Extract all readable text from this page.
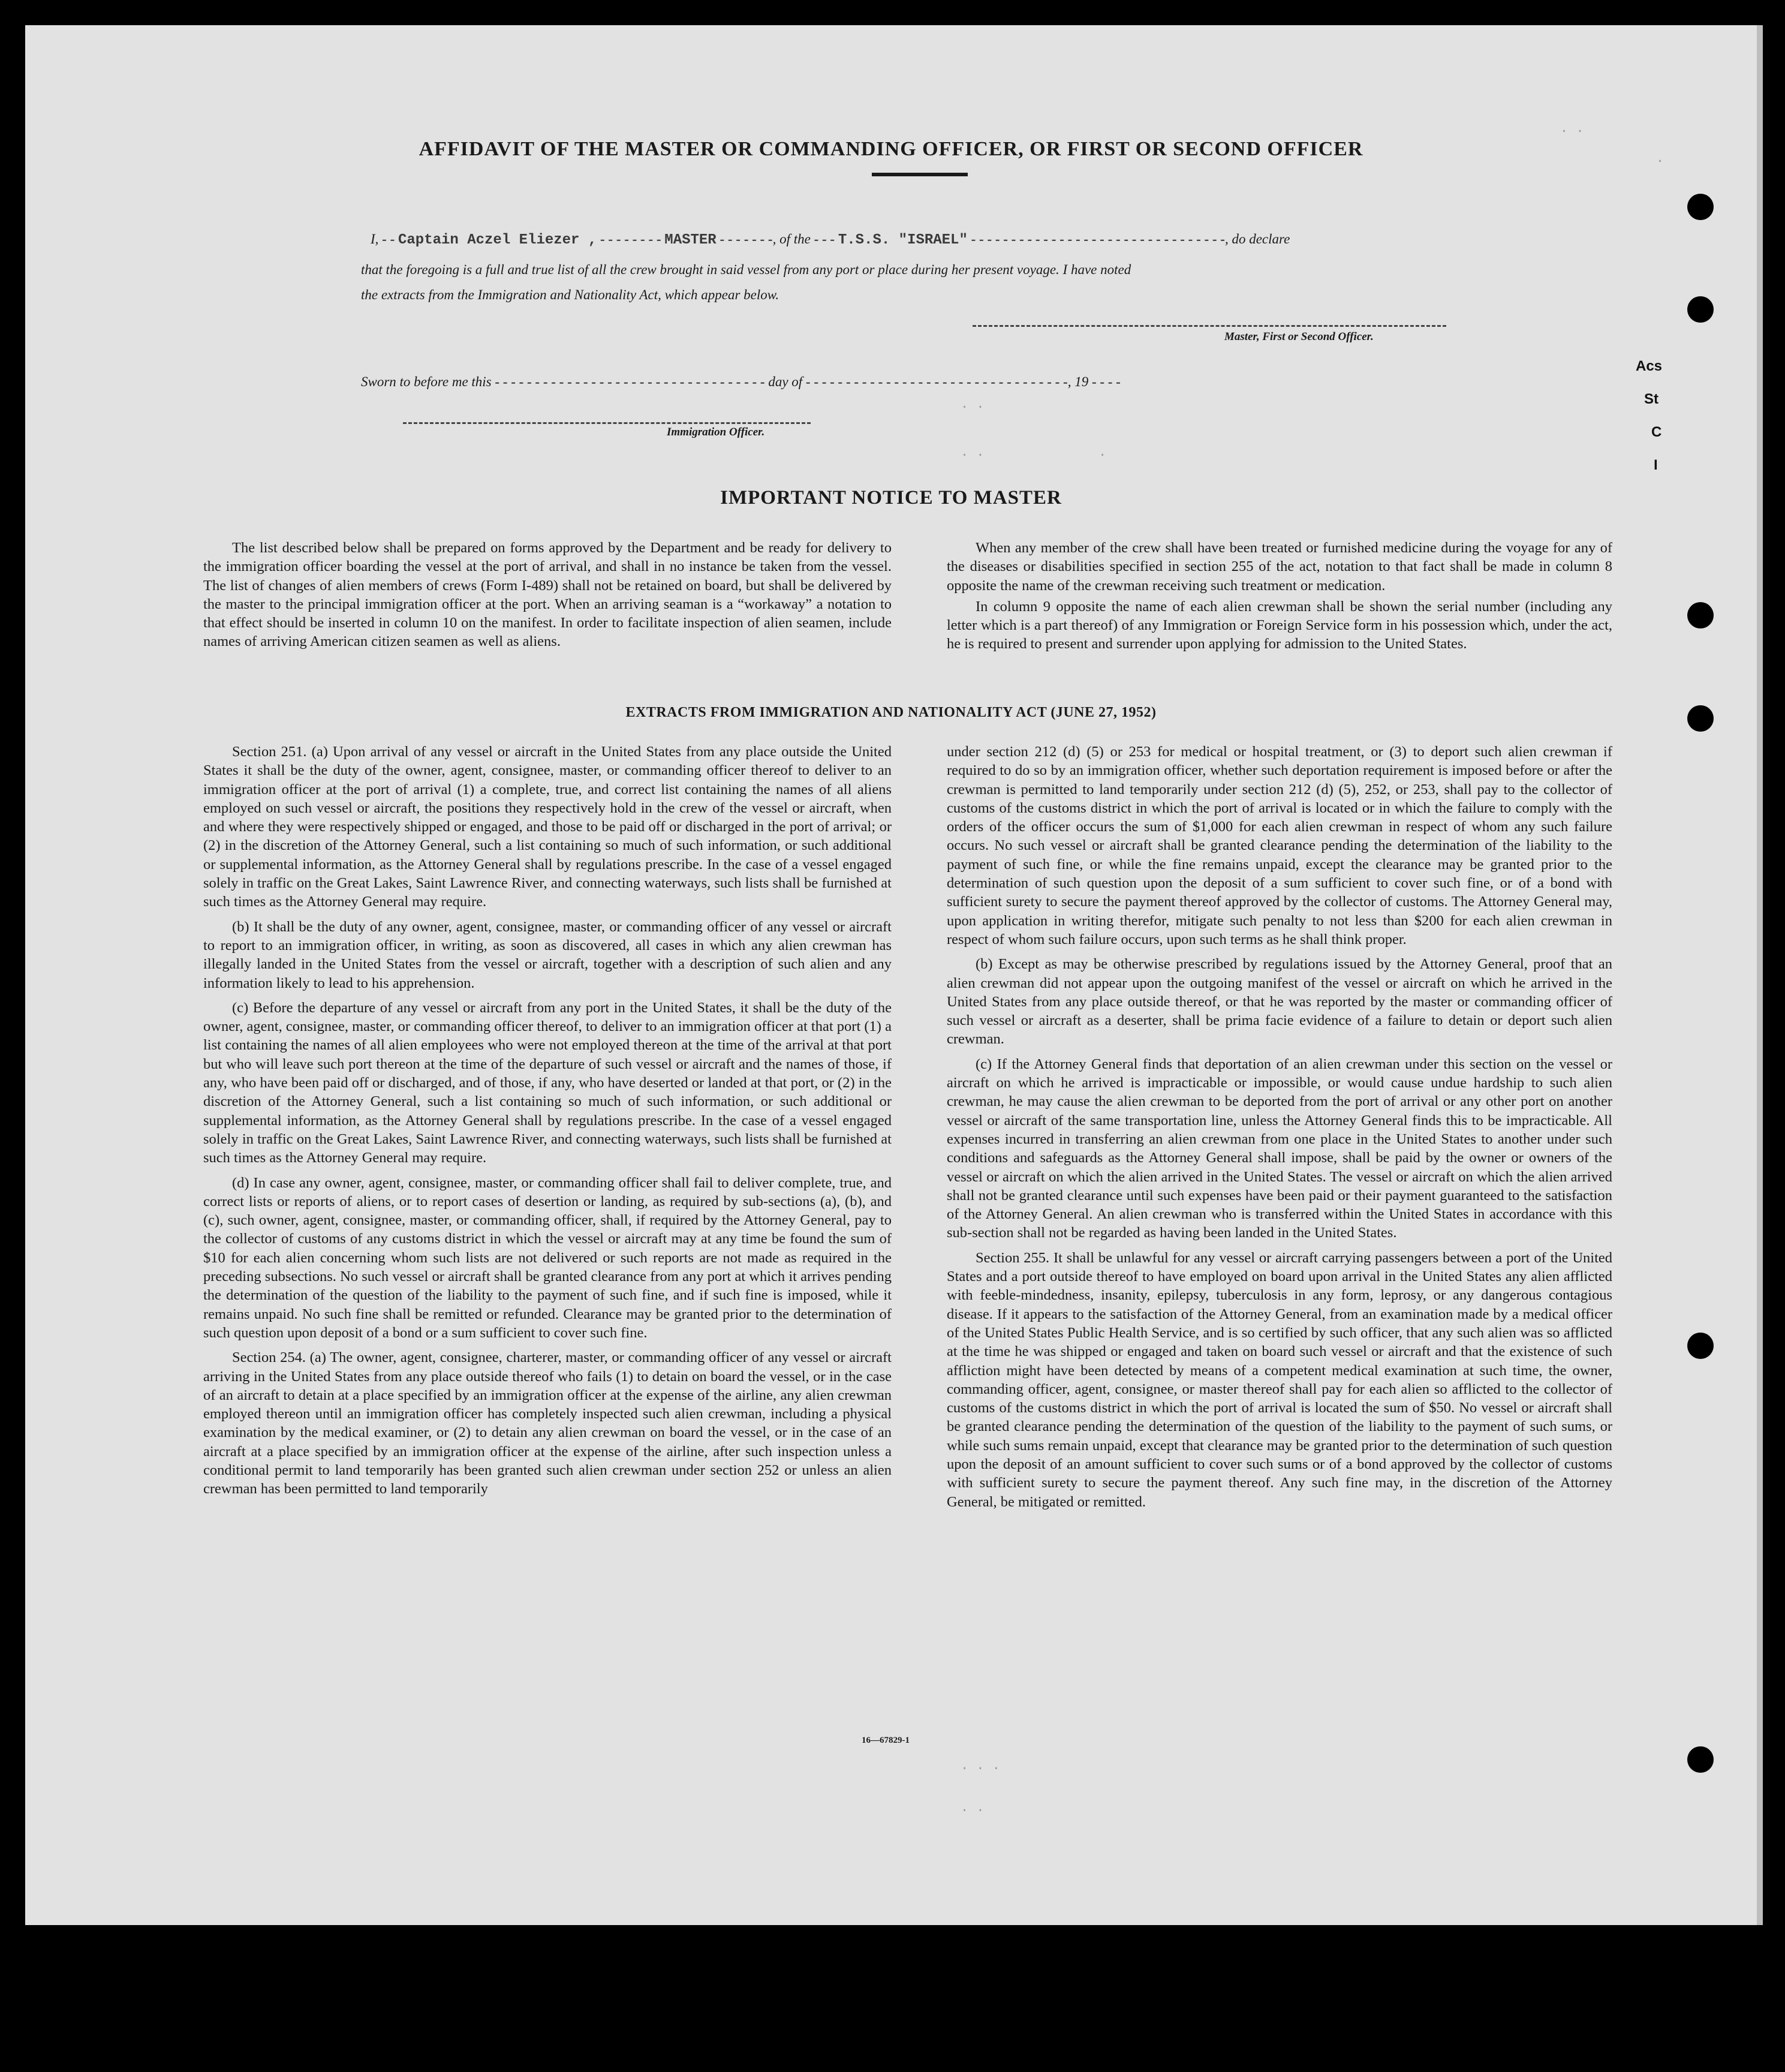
. .
. .
. . .
. .
.
. .
.
Acs
St
C
I
AFFIDAVIT OF THE MASTER OR COMMANDING OFFICER, OR FIRST OR SECOND OFFICER
I, - - Captain Aczel Eliezer , - - - - - - - - MASTER - - - - - - -, of the - - - T.S.S. "ISRAEL" - - - - - - - - - - - - - - - - - - - - - - - - - - - - - - - -, do declare
that the foregoing is a full and true list of all the crew brought in said vessel from any port or place during her present voyage. I have noted
the extracts from the Immigration and Nationality Act, which appear below.
Master, First or Second Officer.
Sworn to before me this - - - - - - - - - - - - - - - - - - - - - - - - - - - - - - - - - - day of - - - - - - - - - - - - - - - - - - - - - - - - - - - - - - - - -, 19 - - - -
Immigration Officer.
IMPORTANT NOTICE TO MASTER

The list described below shall be prepared on forms approved by the Department and be ready for delivery to the immigration officer boarding the vessel at the port of arrival, and shall in no instance be taken from the vessel. The list of changes of alien members of crews (Form I-489) shall not be retained on board, but shall be delivered by the master to the principal immigration officer at the port. When an arriving seaman is a “workaway” a notation to that effect should be inserted in column 10 on the manifest. In order to facilitate inspection of alien seamen, include names of arriving American citizen seamen as well as aliens.

When any member of the crew shall have been treated or furnished medicine during the voyage for any of the diseases or disabilities specified in section 255 of the act, notation to that fact shall be made in column 8 opposite the name of the crewman receiving such treatment or medication.

In column 9 opposite the name of each alien crewman shall be shown the serial number (including any letter which is a part thereof) of any Immigration or Foreign Service form in his possession which, under the act, he is required to present and surrender upon applying for admission to the United States.

EXTRACTS FROM IMMIGRATION AND NATIONALITY ACT (JUNE 27, 1952)

Section 251. (a) Upon arrival of any vessel or aircraft in the United States from any place outside the United States it shall be the duty of the owner, agent, consignee, master, or commanding officer thereof to deliver to an immigration officer at the port of arrival (1) a complete, true, and correct list containing the names of all aliens employed on such vessel or aircraft, the positions they respectively hold in the crew of the vessel or aircraft, when and where they were respectively shipped or engaged, and those to be paid off or discharged in the port of arrival; or (2) in the discretion of the Attorney General, such a list containing so much of such information, or such additional or supplemental information, as the Attorney General shall by regulations prescribe. In the case of a vessel engaged solely in traffic on the Great Lakes, Saint Lawrence River, and connecting waterways, such lists shall be furnished at such times as the Attorney General may require.

(b) It shall be the duty of any owner, agent, consignee, master, or commanding officer of any vessel or aircraft to report to an immigration officer, in writing, as soon as discovered, all cases in which any alien crewman has illegally landed in the United States from the vessel or aircraft, together with a description of such alien and any information likely to lead to his apprehension.

(c) Before the departure of any vessel or aircraft from any port in the United States, it shall be the duty of the owner, agent, consignee, master, or commanding officer thereof, to deliver to an immigration officer at that port (1) a list containing the names of all alien employees who were not employed thereon at the time of the arrival at that port but who will leave such port thereon at the time of the departure of such vessel or aircraft and the names of those, if any, who have been paid off or discharged, and of those, if any, who have deserted or landed at that port, or (2) in the discretion of the Attorney General, such a list containing so much of such information, or such additional or supplemental information, as the Attorney General shall by regulations prescribe. In the case of a vessel engaged solely in traffic on the Great Lakes, Saint Lawrence River, and connecting waterways, such lists shall be furnished at such times as the Attorney General may require.

(d) In case any owner, agent, consignee, master, or commanding officer shall fail to deliver complete, true, and correct lists or reports of aliens, or to report cases of desertion or landing, as required by sub-sections (a), (b), and (c), such owner, agent, consignee, master, or commanding officer, shall, if required by the Attorney General, pay to the collector of customs of any customs district in which the vessel or aircraft may at any time be found the sum of $10 for each alien concerning whom such lists are not delivered or such reports are not made as required in the preceding subsections. No such vessel or aircraft shall be granted clearance from any port at which it arrives pending the determination of the question of the liability to the payment of such fine, and if such fine is imposed, while it remains unpaid. No such fine shall be remitted or refunded. Clearance may be granted prior to the determination of such question upon deposit of a bond or a sum sufficient to cover such fine.

Section 254. (a) The owner, agent, consignee, charterer, master, or commanding officer of any vessel or aircraft arriving in the United States from any place outside thereof who fails (1) to detain on board the vessel, or in the case of an aircraft to detain at a place specified by an immigration officer at the expense of the airline, any alien crewman employed thereon until an immigration officer has completely inspected such alien crewman, including a physical examination by the medical examiner, or (2) to detain any alien crewman on board the vessel, or in the case of an aircraft at a place specified by an immigration officer at the expense of the airline, after such inspection unless a conditional permit to land temporarily has been granted such alien crewman under section 252 or unless an alien crewman has been permitted to land temporarily

under section 212 (d) (5) or 253 for medical or hospital treatment, or (3) to deport such alien crewman if required to do so by an immigration officer, whether such deportation requirement is imposed before or after the crewman is permitted to land temporarily under section 212 (d) (5), 252, or 253, shall pay to the collector of customs of the customs district in which the port of arrival is located or in which the failure to comply with the orders of the officer occurs the sum of $1,000 for each alien crewman in respect of whom any such failure occurs. No such vessel or aircraft shall be granted clearance pending the determination of the liability to the payment of such fine, or while the fine remains unpaid, except the clearance may be granted prior to the determination of such question upon the deposit of a sum sufficient to cover such fine, or of a bond with sufficient surety to secure the payment thereof approved by the collector of customs. The Attorney General may, upon application in writing therefor, mitigate such penalty to not less than $200 for each alien crewman in respect of whom such failure occurs, upon such terms as he shall think proper.

(b) Except as may be otherwise prescribed by regulations issued by the Attorney General, proof that an alien crewman did not appear upon the outgoing manifest of the vessel or aircraft on which he arrived in the United States from any place outside thereof, or that he was reported by the master or commanding officer of such vessel or aircraft as a deserter, shall be prima facie evidence of a failure to detain or deport such alien crewman.

(c) If the Attorney General finds that deportation of an alien crewman under this section on the vessel or aircraft on which he arrived is impracticable or impossible, or would cause undue hardship to such alien crewman, he may cause the alien crewman to be deported from the port of arrival or any other port on another vessel or aircraft of the same transportation line, unless the Attorney General finds this to be impracticable. All expenses incurred in transferring an alien crewman from one place in the United States to another under such conditions and safeguards as the Attorney General shall impose, shall be paid by the owner or owners of the vessel or aircraft on which the alien arrived in the United States. The vessel or aircraft on which the alien arrived shall not be granted clearance until such expenses have been paid or their payment guaranteed to the satisfaction of the Attorney General. An alien crewman who is transferred within the United States in accordance with this sub-section shall not be regarded as having been landed in the United States.

Section 255. It shall be unlawful for any vessel or aircraft carrying passengers between a port of the United States and a port outside thereof to have employed on board upon arrival in the United States any alien afflicted with feeble-mindedness, insanity, epilepsy, tuberculosis in any form, leprosy, or any dangerous contagious disease. If it appears to the satisfaction of the Attorney General, from an examination made by a medical officer of the United States Public Health Service, and is so certified by such officer, that any such alien was so afflicted at the time he was shipped or engaged and taken on board such vessel or aircraft and that the existence of such affliction might have been detected by means of a competent medical examination at such time, the owner, commanding officer, agent, consignee, or master thereof shall pay for each alien so afflicted to the collector of customs of the customs district in which the port of arrival is located the sum of $50. No vessel or aircraft shall be granted clearance pending the determination of the question of the liability to the payment of such sums, or while such sums remain unpaid, except that clearance may be granted prior to the determination of such question upon the deposit of an amount sufficient to cover such sums or of a bond approved by the collector of customs with sufficient surety to secure the payment thereof. Any such fine may, in the discretion of the Attorney General, be mitigated or remitted.

16—67829-1
